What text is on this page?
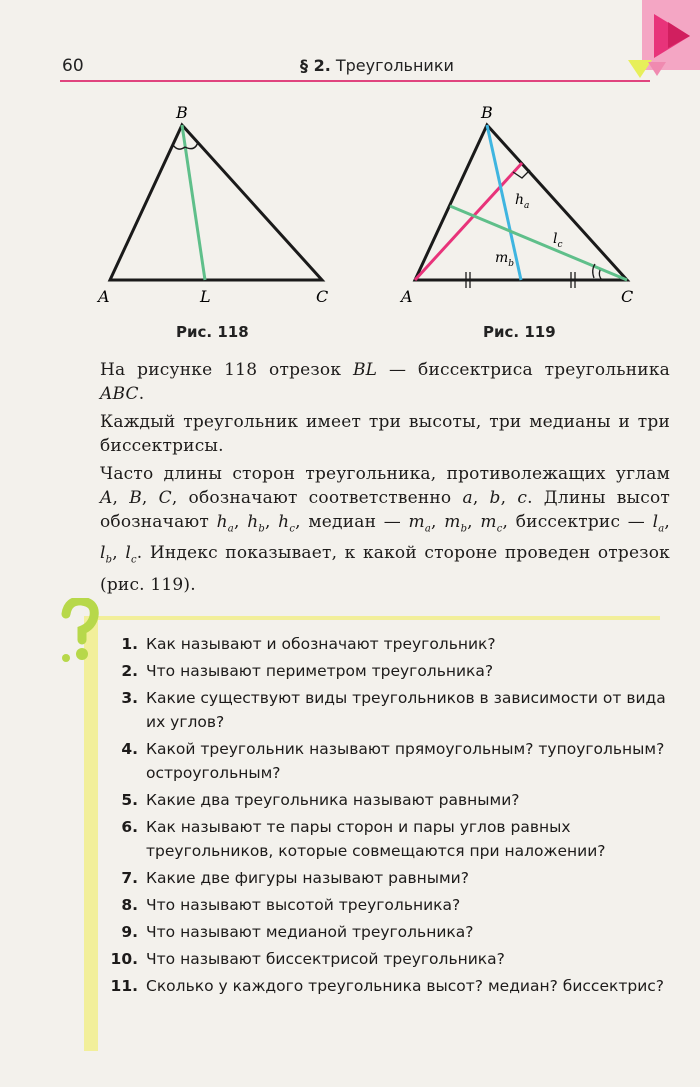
60	§ 2. Треугольники
B
A	L	C
Рис. 118
B
A	C
$h_a$
$l_c$
$m_b$
Рис. 119
На рисунке 118 отрезок BL — биссектриса треугольника ABC.
Каждый треугольник имеет три высоты, три медианы и три биссектрисы.
Часто длины сторон треугольника, противолежащих углам A, B, C, обозначают соответственно a, b, c. Длины высот обозначают $h_a$, $h_b$, $h_c$, медиан — $m_a$, $m_b$, $m_c$, биссектрис — $l_a$, $l_b$, $l_c$. Индекс показывает, к какой стороне проведен отрезок (рис. 119).
1. Как называют и обозначают треугольник?
2. Что называют периметром треугольника?
3. Какие существуют виды треугольников в зависимости от вида их углов?
4. Какой треугольник называют прямоугольным? тупоугольным? остроугольным?
5. Какие два треугольника называют равными?
6. Как называют те пары сторон и пары углов равных треугольников, которые совмещаются при наложении?
7. Какие две фигуры называют равными?
8. Что называют высотой треугольника?
9. Что называют медианой треугольника?
10. Что называют биссектрисой треугольника?
11. Сколько у каждого треугольника высот? медиан? биссектрис?
